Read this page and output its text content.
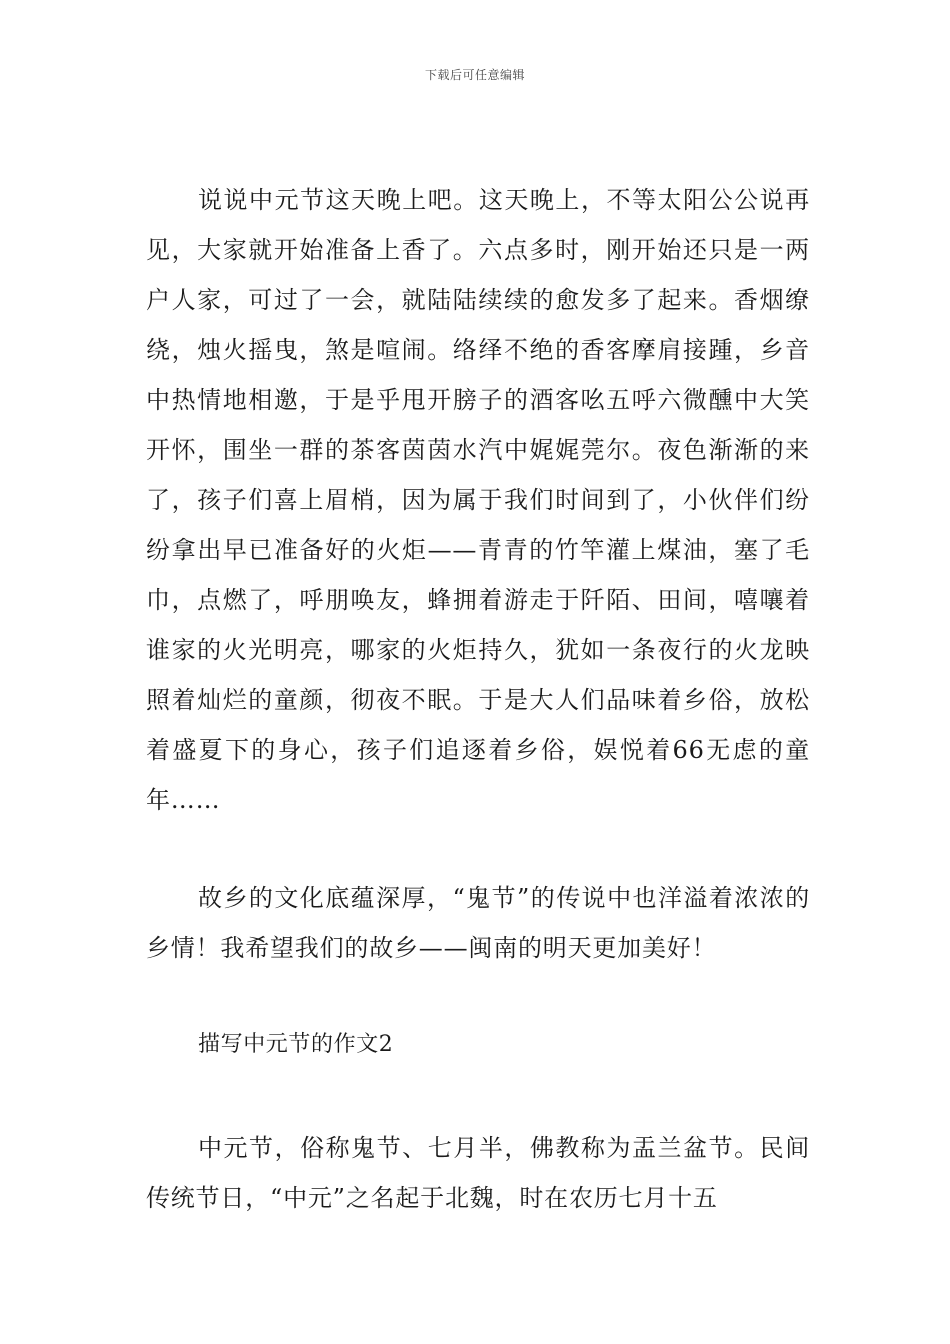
下载后可任意编辑

说说中元节这天晚上吧。这天晚上，不等太阳公公说再见，大家就开始准备上香了。六点多时，刚开始还只是一两户人家，可过了一会，就陆陆续续的愈发多了起来。香烟缭绕，烛火摇曳，煞是喧闹。络绎不绝的香客摩肩接踵，乡音中热情地相邀，于是乎甩开膀子的酒客吆五呼六微醺中大笑开怀，围坐一群的茶客茵茵水汽中娓娓莞尔。夜色渐渐的来了，孩子们喜上眉梢，因为属于我们时间到了，小伙伴们纷纷拿出早已准备好的火炬——青青的竹竿灌上煤油，塞了毛巾，点燃了，呼朋唤友，蜂拥着游走于阡陌、田间，嘻嚷着谁家的火光明亮，哪家的火炬持久，犹如一条夜行的火龙映照着灿烂的童颜，彻夜不眠。于是大人们品味着乡俗，放松着盛夏下的身心，孩子们追逐着乡俗，娱悦着66无虑的童年……

故乡的文化底蕴深厚，“鬼节”的传说中也洋溢着浓浓的乡情！我希望我们的故乡——闽南的明天更加美好！

描写中元节的作文2

中元节，俗称鬼节、七月半，佛教称为盂兰盆节。民间传统节日，“中元”之名起于北魏，时在农历七月十五
